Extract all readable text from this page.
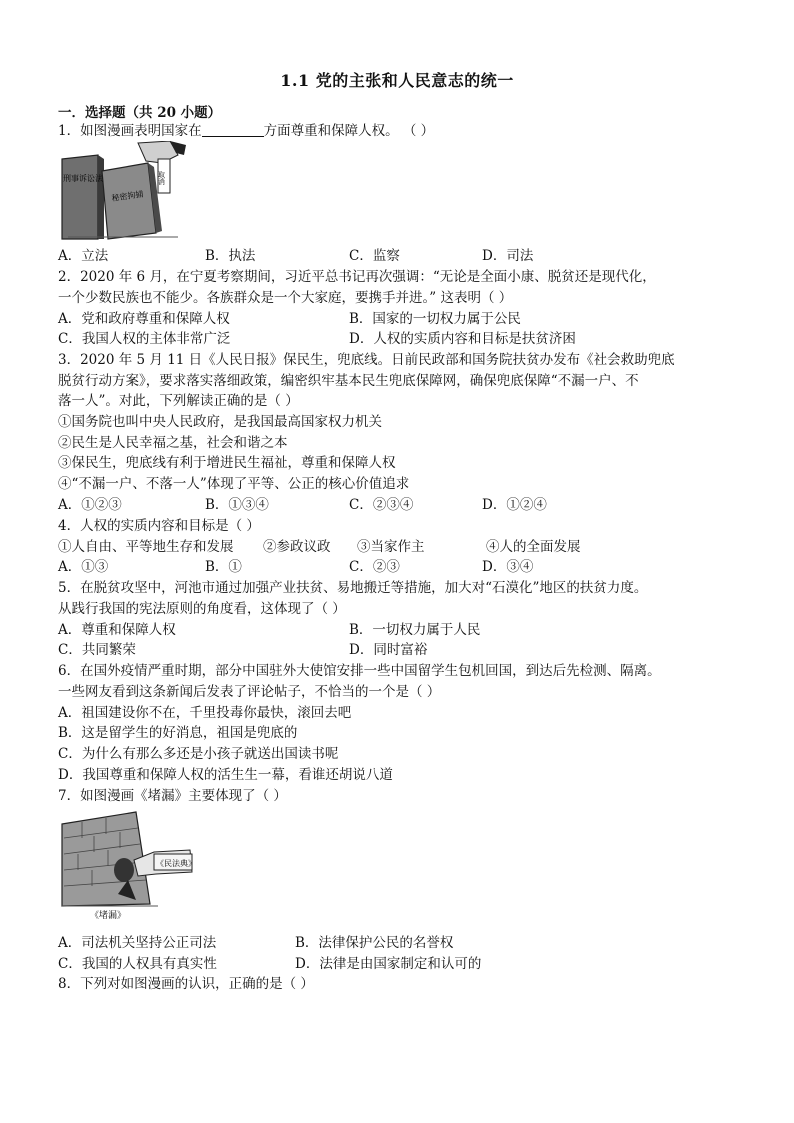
1.1 党的主张和人民意志的统一
一．选择题（共 20 小题）
1．如图漫画表明国家在	方面尊重和保障人权。 （ ）
刑事诉讼法
秘密拘捕
取消
A．立法	B．执法	C．监察	D．司法
2．2020 年 6 月，在宁夏考察期间，习近平总书记再次强调：“无论是全面小康、脱贫还是现代化，
一个少数民族也不能少。各族群众是一个大家庭，要携手并进。” 这表明（ ）
A．党和政府尊重和保障人权	B．国家的一切权力属于公民
C．我国人权的主体非常广泛	D．人权的实质内容和目标是扶贫济困
3．2020 年 5 月 11 日《人民日报》保民生，兜底线。日前民政部和国务院扶贫办发布《社会救助兜底
脱贫行动方案》，要求落实落细政策，编密织牢基本民生兜底保障网，确保兜底保障“不漏一户、不
落一人”。对此，下列解读正确的是（ ）
①国务院也叫中央人民政府，是我国最高国家权力机关
②民生是人民幸福之基，社会和谐之本
③保民生，兜底线有利于增进民生福祉，尊重和保障人权
④“不漏一户、不落一人”体现了平等、公正的核心价值追求
A．①②③	B．①③④	C．②③④	D．①②④
4．人权的实质内容和目标是（ ）
①人自由、平等地生存和发展 ②参政议政 ③当家作主	④人的全面发展
A．①③	B．①	C．②③	D．③④
5．在脱贫攻坚中，河池市通过加强产业扶贫、易地搬迁等措施，加大对“石漠化”地区的扶贫力度。
从践行我国的宪法原则的角度看，这体现了（ ）
A．尊重和保障人权	B．一切权力属于人民
C．共同繁荣	D．同时富裕
6．在国外疫情严重时期，部分中国驻外大使馆安排一些中国留学生包机回国，到达后先检测、隔离。
一些网友看到这条新闻后发表了评论帖子，不恰当的一个是（ ）
A．祖国建设你不在，千里投毒你最快，滚回去吧
B．这是留学生的好消息，祖国是兜底的
C．为什么有那么多还是小孩子就送出国读书呢
D．我国尊重和保障人权的活生生一幕，看谁还胡说八道
7．如图漫画《堵漏》主要体现了（ ）
《民法典》
《堵漏》
A．司法机关坚持公正司法	B．法律保护公民的名誉权
C．我国的人权具有真实性	D．法律是由国家制定和认可的
8．下列对如图漫画的认识，正确的是（ ）
